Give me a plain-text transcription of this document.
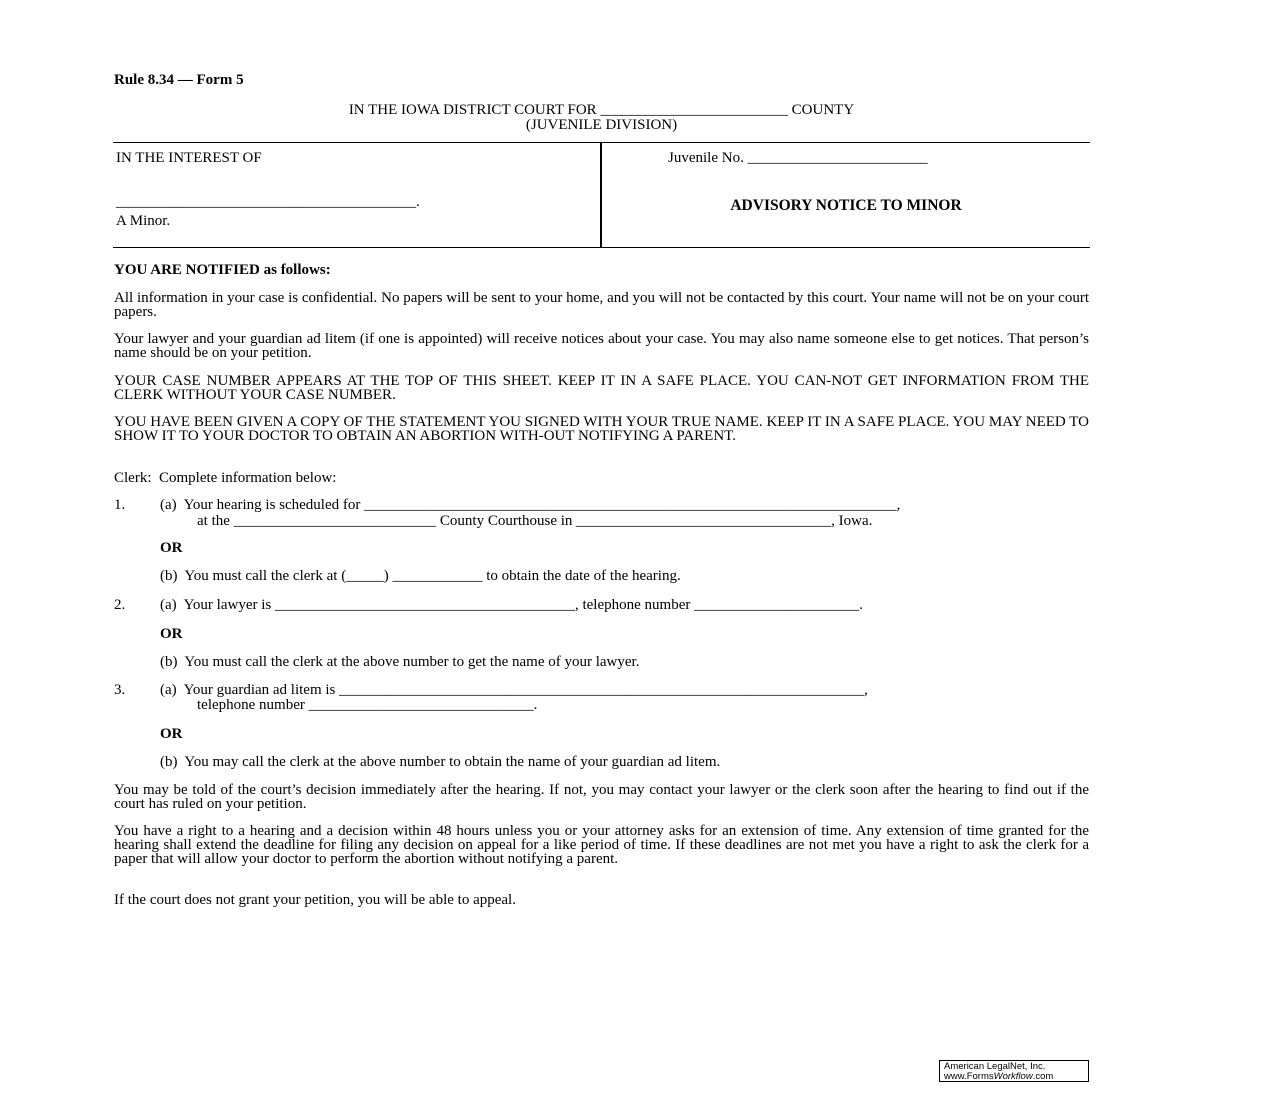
Rule 8.34 — Form 5
IN THE IOWA DISTRICT COURT FOR _________________________ COUNTY
(JUVENILE DIVISION)
IN THE INTEREST OF
________________________________________.
A Minor.
Juvenile No. ________________________
ADVISORY NOTICE TO MINOR
YOU ARE NOTIFIED as follows:
All information in your case is confidential. No papers will be sent to your home, and you will not be contacted by this court. Your name will not be on your court papers.
Your lawyer and your guardian ad litem (if one is appointed) will receive notices about your case. You may also name someone else to get notices. That person’s name should be on your petition.
YOUR CASE NUMBER APPEARS AT THE TOP OF THIS SHEET. KEEP IT IN A SAFE PLACE. YOU CAN-NOT GET INFORMATION FROM THE CLERK WITHOUT YOUR CASE NUMBER.
YOU HAVE BEEN GIVEN A COPY OF THE STATEMENT YOU SIGNED WITH YOUR TRUE NAME. KEEP IT IN A SAFE PLACE. YOU MAY NEED TO SHOW IT TO YOUR DOCTOR TO OBTAIN AN ABORTION WITH-OUT NOTIFYING A PARENT.
Clerk:  Complete information below:
1. (a)  Your hearing is scheduled for _______________________________________________________________________,
at the ___________________________ County Courthouse in __________________________________, Iowa.
OR
(b)  You must call the clerk at (_____) ____________ to obtain the date of the hearing.
2. (a)  Your lawyer is ________________________________________, telephone number ______________________.
OR
(b)  You must call the clerk at the above number to get the name of your lawyer.
3. (a)  Your guardian ad litem is ______________________________________________________________________,
telephone number ______________________________.
OR
(b)  You may call the clerk at the above number to obtain the name of your guardian ad litem.
You may be told of the court’s decision immediately after the hearing. If not, you may contact your lawyer or the clerk soon after the hearing to find out if the court has ruled on your petition.
You have a right to a hearing and a decision within 48 hours unless you or your attorney asks for an extension of time. Any extension of time granted for the hearing shall extend the deadline for filing any decision on appeal for a like period of time. If these deadlines are not met you have a right to ask the clerk for a paper that will allow your doctor to perform the abortion without notifying a parent.
If the court does not grant your petition, you will be able to appeal.
American LegalNet, Inc.
www.FormsWorkflow.com
